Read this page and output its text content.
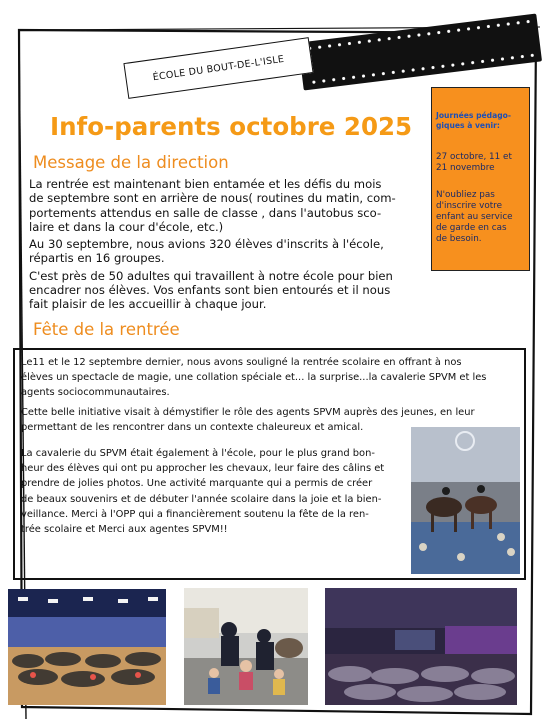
ÉCOLE DU BOUT-DE-L'ISLE
Info-parents octobre 2025
Message de la direction
La rentrée est maintenant bien entamée et les défis du mois
de septembre sont en arrière de nous( routines du matin, com-
portements attendus en salle de classe , dans l'autobus sco-
laire et dans la cour d'école, etc.)
Au 30 septembre, nous avions 320 élèves d'inscrits à l'école,
répartis en 16 groupes.
C'est près de 50 adultes qui travaillent à notre école pour bien
encadrer nos élèves. Vos enfants sont bien entourés et il nous
fait plaisir de les accueillir à chaque jour.
Journées pédago-
giques à venir:
27 octobre, 11 et
21 novembre
N'oubliez pas
d'inscrire votre
enfant au service
de garde en cas
de besoin.
Fête de la rentrée
Le11 et le 12 septembre dernier, nous avons souligné la rentrée scolaire en offrant à nos
élèves un spectacle de magie, une collation spéciale et... la surprise...la cavalerie SPVM et les
agents sociocommunautaires.
Cette belle initiative visait à démystifier le rôle des agents SPVM auprès des jeunes, en leur
permettant de les rencontrer dans un contexte chaleureux et amical.
La cavalerie du SPVM était également à l'école, pour le plus grand bon-
heur des élèves qui ont pu approcher les chevaux, leur faire des câlins et
prendre de jolies photos. Une activité marquante qui a permis de créer
de beaux souvenirs et de débuter l'année scolaire dans la joie et la bien-
veillance. Merci à l'OPP qui a financièrement soutenu la fête de la ren-
trée scolaire et Merci aux agentes SPVM!!
